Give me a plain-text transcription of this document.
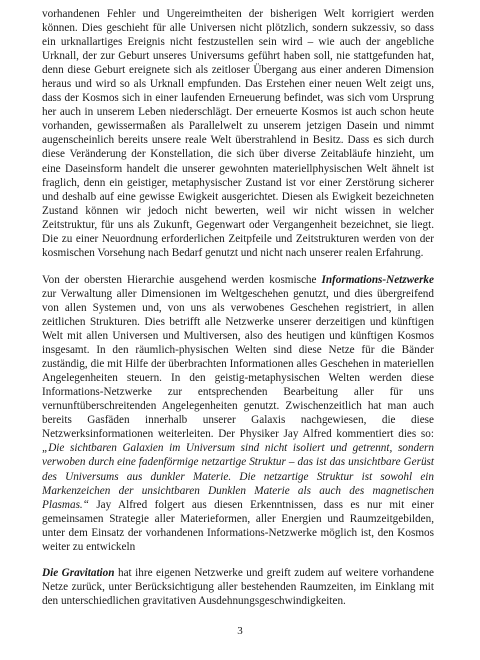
vorhandenen Fehler und Ungereimtheiten der bisherigen Welt korrigiert werden können. Dies geschieht für alle Universen nicht plötzlich, sondern sukzessiv, so dass ein urknallartiges Ereignis nicht festzustellen sein wird – wie auch der angebliche Urknall, der zur Geburt unseres Universums geführt haben soll, nie stattgefunden hat, denn diese Geburt ereignete sich als zeitloser Übergang aus einer anderen Dimension heraus und wird so als Urknall empfunden. Das Erstehen einer neuen Welt zeigt uns, dass der Kosmos sich in einer laufenden Erneuerung befindet, was sich vom Ursprung her auch in unserem Leben niederschlägt. Der erneuerte Kosmos ist auch schon heute vorhanden, gewissermaßen als Parallelwelt zu unserem jetzigen Dasein und nimmt augenscheinlich bereits unsere reale Welt überstrahlend in Besitz. Dass es sich durch diese Veränderung der Konstellation, die sich über diverse Zeitabläufe hinzieht, um eine Daseinsform handelt die unserer gewohnten materiellphysischen Welt ähnelt ist fraglich, denn ein geistiger, metaphysischer Zustand ist vor einer Zerstörung sicherer und deshalb auf eine gewisse Ewigkeit ausgerichtet. Diesen als Ewigkeit bezeichneten Zustand können wir jedoch nicht bewerten, weil wir nicht wissen in welcher Zeitstruktur, für uns als Zukunft, Gegenwart oder Vergangenheit bezeichnet, sie liegt. Die zu einer Neuordnung erforderlichen Zeitpfeile und Zeitstrukturen werden von der kosmischen Vorsehung nach Bedarf genutzt und nicht nach unserer realen Erfahrung.

Von der obersten Hierarchie ausgehend werden kosmische Informations-Netzwerke zur Verwaltung aller Dimensionen im Weltgeschehen genutzt, und dies übergreifend von allen Systemen und, von uns als verwobenes Geschehen registriert, in allen zeitlichen Strukturen. Dies betrifft alle Netzwerke unserer derzeitigen und künftigen Welt mit allen Universen und Multiversen, also des heutigen und künftigen Kosmos insgesamt. In den räumlich-physischen Welten sind diese Netze für die Bänder zuständig, die mit Hilfe der überbrachten Informationen alles Geschehen in materiellen Angelegenheiten steuern. In den geistig-metaphysischen Welten werden diese Informations-Netzwerke zur entsprechenden Bearbeitung aller für uns vernunftüberschreitenden Angelegenheiten genutzt. Zwischenzeitlich hat man auch bereits Gasfäden innerhalb unserer Galaxis nachgewiesen, die diese Netzwerksinformationen weiterleiten. Der Physiker Jay Alfred kommentiert dies so: „Die sichtbaren Galaxien im Universum sind nicht isoliert und getrennt, sondern verwoben durch eine fadenförmige netzartige Struktur – das ist das unsichtbare Gerüst des Universums aus dunkler Materie. Die netzartige Struktur ist sowohl ein Markenzeichen der unsichtbaren Dunklen Materie als auch des magnetischen Plasmas.“ Jay Alfred folgert aus diesen Erkenntnissen, dass es nur mit einer gemeinsamen Strategie aller Materieformen, aller Energien und Raumzeitgebilden, unter dem Einsatz der vorhandenen Informations-Netzwerke möglich ist, den Kosmos weiter zu entwickeln

Die Gravitation hat ihre eigenen Netzwerke und greift zudem auf weitere vorhandene Netze zurück, unter Berücksichtigung aller bestehenden Raumzeiten, im Einklang mit den unterschiedlichen gravitativen Ausdehnungsgeschwindigkeiten.

3
